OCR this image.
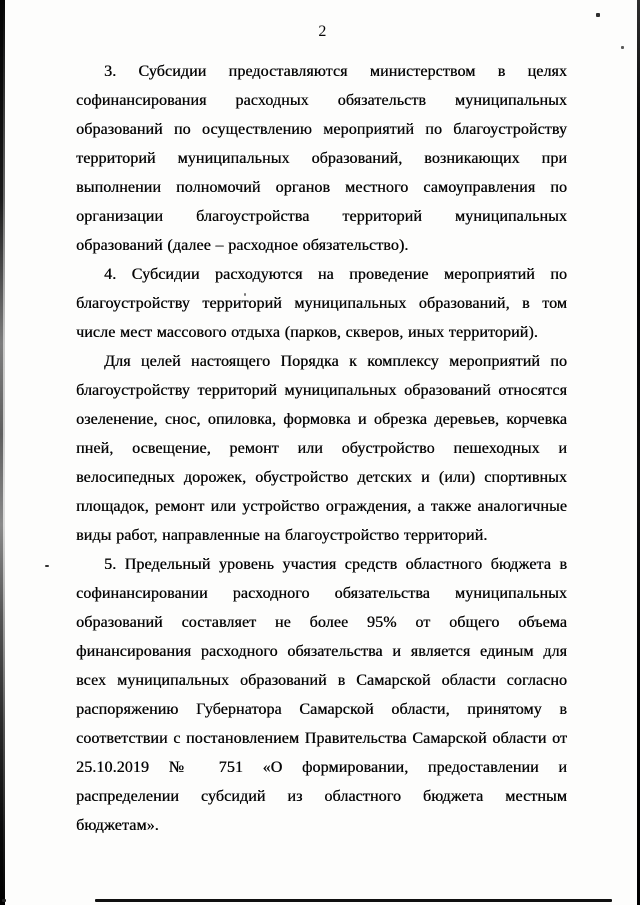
2

3. Субсидии предоставляются министерством в целях софинансирования расходных обязательств муниципальных образований по осуществлению мероприятий по благоустройству территорий муниципальных образований, возникающих при выполнении полномочий органов местного самоуправления по организации благоустройства территорий муниципальных образований (далее – расходное обязательство).

4. Субсидии расходуются на проведение мероприятий по благоустройству территорий муниципальных образований, в том числе мест массового отдыха (парков, скверов, иных территорий).

Для целей настоящего Порядка к комплексу мероприятий по благоустройству территорий муниципальных образований относятся озеленение, снос, опиловка, формовка и обрезка деревьев, корчевка пней, освещение, ремонт или обустройство пешеходных и велосипедных дорожек, обустройство детских и (или) спортивных площадок, ремонт или устройство ограждения, а также аналогичные виды работ, направленные на благоустройство территорий.

5. Предельный уровень участия средств областного бюджета в софинансировании расходного обязательства муниципальных образований составляет не более 95% от общего объема финансирования расходного обязательства и является единым для всех муниципальных образований в Самарской области согласно распоряжению Губернатора Самарской области, принятому в соответствии с постановлением Правительства Самарской области от 25.10.2019 № 751 «О формировании, предоставлении и распределении субсидий из областного бюджета местным бюджетам».
